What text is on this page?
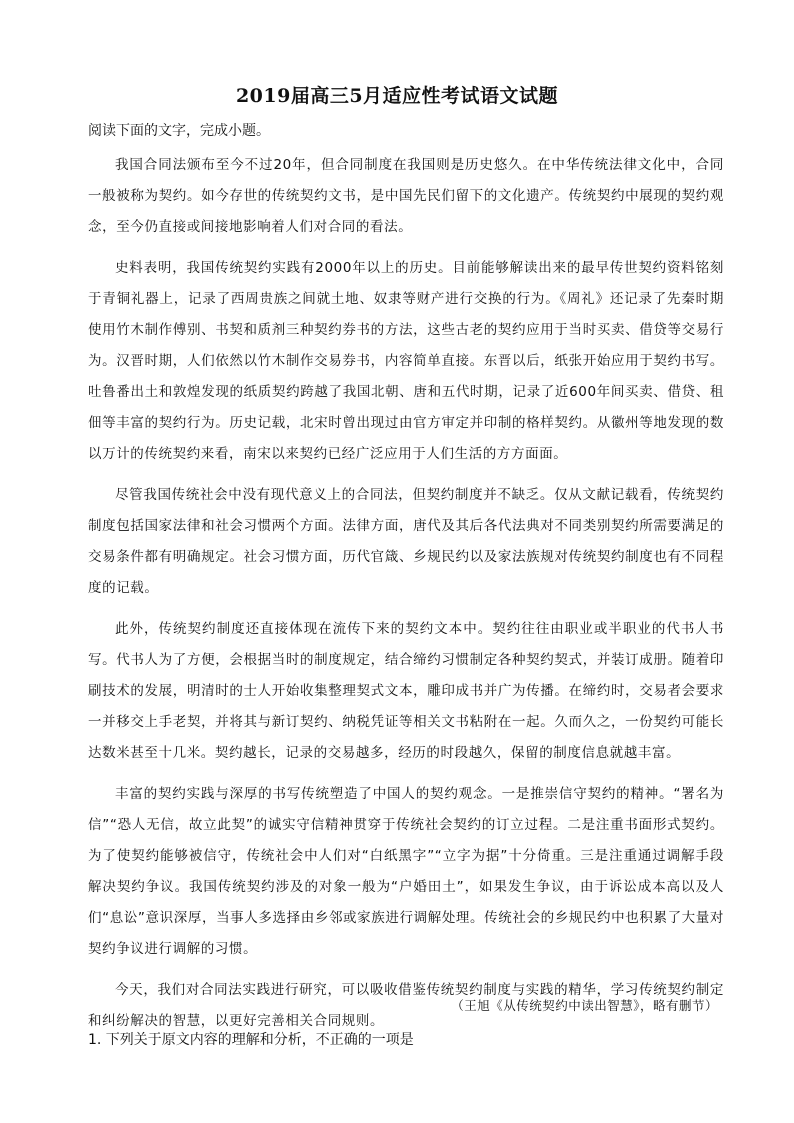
2019届高三5月适应性考试语文试题
阅读下面的文字，完成小题。

我国合同法颁布至今不过20年，但合同制度在我国则是历史悠久。在中华传统法律文化中，合同一般被称为契约。如今存世的传统契约文书，是中国先民们留下的文化遗产。传统契约中展现的契约观念，至今仍直接或间接地影响着人们对合同的看法。

史料表明，我国传统契约实践有2000年以上的历史。目前能够解读出来的最早传世契约资料铭刻于青铜礼器上，记录了西周贵族之间就土地、奴隶等财产进行交换的行为。《周礼》还记录了先秦时期使用竹木制作傅别、书契和质剂三种契约券书的方法，这些古老的契约应用于当时买卖、借贷等交易行为。汉晋时期，人们依然以竹木制作交易券书，内容简单直接。东晋以后，纸张开始应用于契约书写。吐鲁番出土和敦煌发现的纸质契约跨越了我国北朝、唐和五代时期，记录了近600年间买卖、借贷、租佃等丰富的契约行为。历史记载，北宋时曾出现过由官方审定并印制的格样契约。从徽州等地发现的数以万计的传统契约来看，南宋以来契约已经广泛应用于人们生活的方方面面。

尽管我国传统社会中没有现代意义上的合同法，但契约制度并不缺乏。仅从文献记载看，传统契约制度包括国家法律和社会习惯两个方面。法律方面，唐代及其后各代法典对不同类别契约所需要满足的交易条件都有明确规定。社会习惯方面，历代官箴、乡规民约以及家法族规对传统契约制度也有不同程度的记载。

此外，传统契约制度还直接体现在流传下来的契约文本中。契约往往由职业或半职业的代书人书写。代书人为了方便，会根据当时的制度规定，结合缔约习惯制定各种契约契式，并装订成册。随着印刷技术的发展，明清时的士人开始收集整理契式文本，雕印成书并广为传播。在缔约时，交易者会要求一并移交上手老契，并将其与新订契约、纳税凭证等相关文书粘附在一起。久而久之，一份契约可能长达数米甚至十几米。契约越长，记录的交易越多，经历的时段越久，保留的制度信息就越丰富。

丰富的契约实践与深厚的书写传统塑造了中国人的契约观念。一是推崇信守契约的精神。“署名为信”“恐人无信，故立此契”的诚实守信精神贯穿于传统社会契约的订立过程。二是注重书面形式契约。为了使契约能够被信守，传统社会中人们对“白纸黑字”“立字为据”十分倚重。三是注重通过调解手段解决契约争议。我国传统契约涉及的对象一般为“户婚田土”，如果发生争议，由于诉讼成本高以及人们“息讼”意识深厚，当事人多选择由乡邻或家族进行调解处理。传统社会的乡规民约中也积累了大量对契约争议进行调解的习惯。

今天，我们对合同法实践进行研究，可以吸收借鉴传统契约制度与实践的精华，学习传统契约制定和纠纷解决的智慧，以更好完善相关合同规则。

（王旭《从传统契约中读出智慧》，略有删节）
1. 下列关于原文内容的理解和分析，不正确的一项是
